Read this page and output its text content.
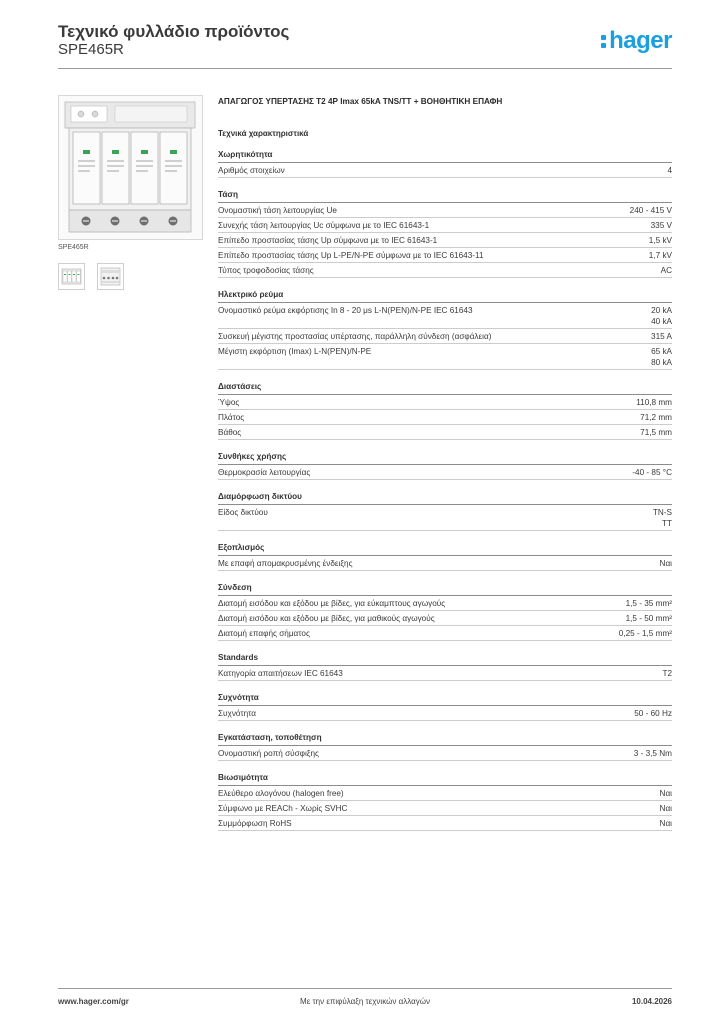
Τεχνικό φυλλάδιο προϊόντος
SPE465R	hager
SPE465R
ΑΠΑΓΩΓΟΣ ΥΠΕΡΤΑΣΗΣ Τ2 4Ρ Imax 65kA TNS/TT + ΒΟΗΘΗΤΙΚΗ ΕΠΑΦΗ
Τεχνικά χαρακτηριστικά
Χωρητικότητα
Αριθμός στοιχείων	4
Τάση
Ονομαστική τάση λειτουργίας Ue	240 - 415 V
Συνεχής τάση λειτουργίας Uc σύμφωνα με το IEC 61643-1	335 V
Επίπεδο προστασίας τάσης Up σύμφωνα με το IEC 61643-1	1,5 kV
Επίπεδο προστασίας τάσης Up L-PE/N-PE σύμφωνα με το IEC 61643-11	1,7 kV
Τύπος τροφοδοσίας τάσης	AC
Ηλεκτρικό ρεύμα
Ονομαστικό ρεύμα εκφόρτισης In 8 - 20 μs L-N(PEN)/N-PE IEC 61643	20 kA
40 kA
Συσκευή μέγιστης προστασίας υπέρτασης, παράλληλη σύνδεση (ασφάλεια)	315 A
Μέγιστη εκφόρτιση (Imax) L-N(PEN)/N-PE	65 kA
80 kA
Διαστάσεις
Ύψος	110,8 mm
Πλάτος	71,2 mm
Βάθος	71,5 mm
Συνθήκες χρήσης
Θερμοκρασία λειτουργίας	-40 - 85 °C
Διαμόρφωση δικτύου
Είδος δικτύου	TN-S
TT
Εξοπλισμός
Με επαφή απομακρυσμένης ένδειξης	Ναι
Σύνδεση
Διατομή εισόδου και εξόδου με βίδες, για εύκαμπτους αγωγούς	1,5 - 35 mm²
Διατομή εισόδου και εξόδου με βίδες, για μαθικούς αγωγούς	1,5 - 50 mm²
Διατομή επαφής σήματος	0,25 - 1,5 mm²
Standards
Κατηγορία απαιτήσεων IEC 61643	T2
Συχνότητα
Συχνότητα	50 - 60 Hz
Εγκατάσταση, τοποθέτηση
Ονομαστική ροπή σύσφιξης	3 - 3,5 Nm
Βιωσιμότητα
Ελεύθερο αλογόνου (halogen free)	Ναι
Σύμφωνο με REACh - Χωρίς SVHC	Ναι
Συμμόρφωση RoHS	Ναι
www.hager.com/gr	Με την επιφύλαξη τεχνικών αλλαγών	10.04.2026
